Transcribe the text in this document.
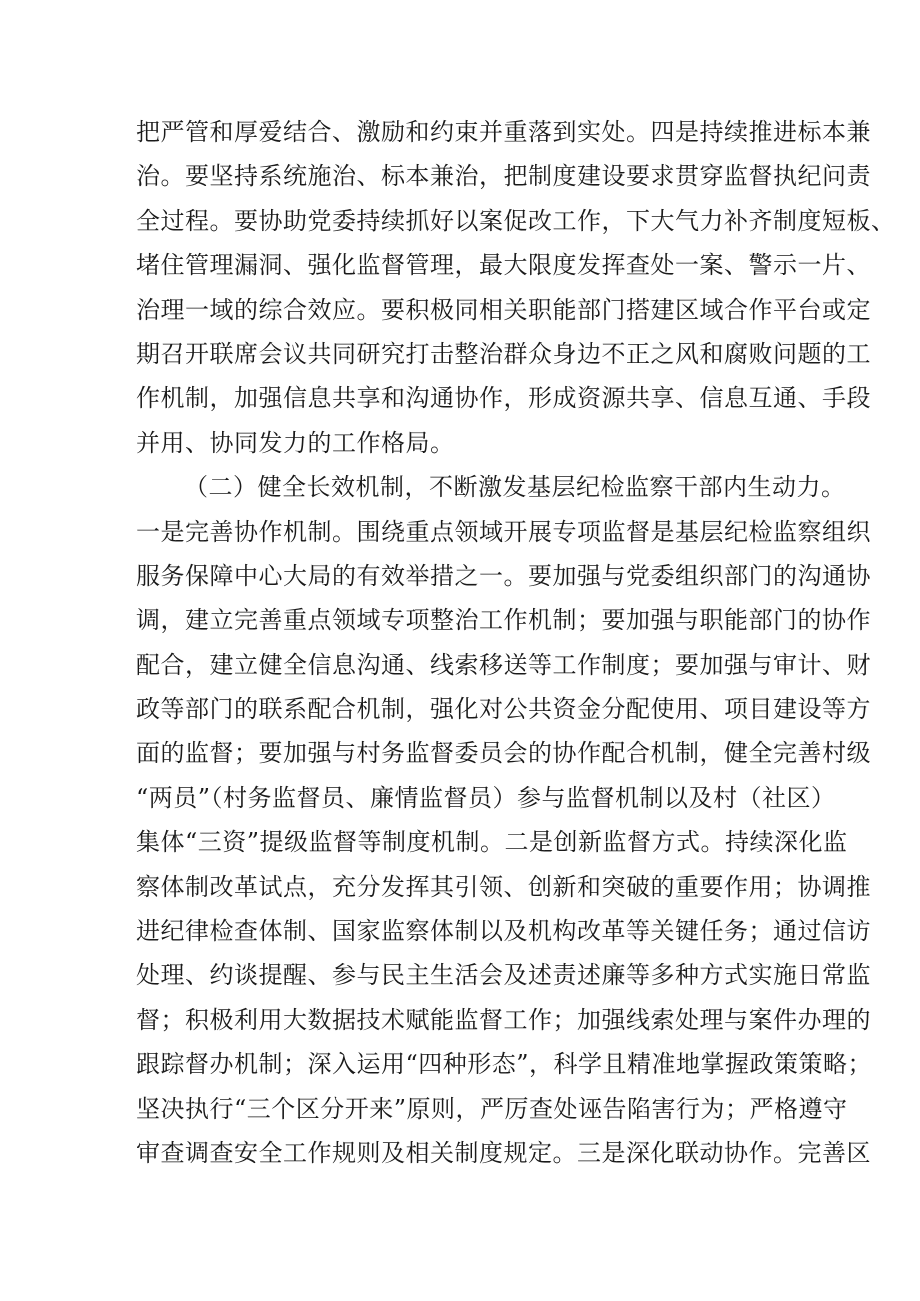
把严管和厚爱结合、激励和约束并重落到实处。四是持续推进标本兼
治。要坚持系统施治、标本兼治，把制度建设要求贯穿监督执纪问责
全过程。要协助党委持续抓好以案促改工作，下大气力补齐制度短板、
堵住管理漏洞、强化监督管理，最大限度发挥查处一案、警示一片、
治理一域的综合效应。要积极同相关职能部门搭建区域合作平台或定
期召开联席会议共同研究打击整治群众身边不正之风和腐败问题的工
作机制，加强信息共享和沟通协作，形成资源共享、信息互通、手段
并用、协同发力的工作格局。
（二）健全长效机制，不断激发基层纪检监察干部内生动力。
一是完善协作机制。围绕重点领域开展专项监督是基层纪检监察组织
服务保障中心大局的有效举措之一。要加强与党委组织部门的沟通协
调，建立完善重点领域专项整治工作机制；要加强与职能部门的协作
配合，建立健全信息沟通、线索移送等工作制度；要加强与审计、财
政等部门的联系配合机制，强化对公共资金分配使用、项目建设等方
面的监督；要加强与村务监督委员会的协作配合机制，健全完善村级
“两员”（村务监督员、廉情监督员）参与监督机制以及村（社区）
集体“三资”提级监督等制度机制。二是创新监督方式。持续深化监
察体制改革试点，充分发挥其引领、创新和突破的重要作用；协调推
进纪律检查体制、国家监察体制以及机构改革等关键任务；通过信访
处理、约谈提醒、参与民主生活会及述责述廉等多种方式实施日常监
督；积极利用大数据技术赋能监督工作；加强线索处理与案件办理的
跟踪督办机制；深入运用“四种形态”，科学且精准地掌握政策策略；
坚决执行“三个区分开来”原则，严厉查处诬告陷害行为；严格遵守
审查调查安全工作规则及相关制度规定。三是深化联动协作。完善区
